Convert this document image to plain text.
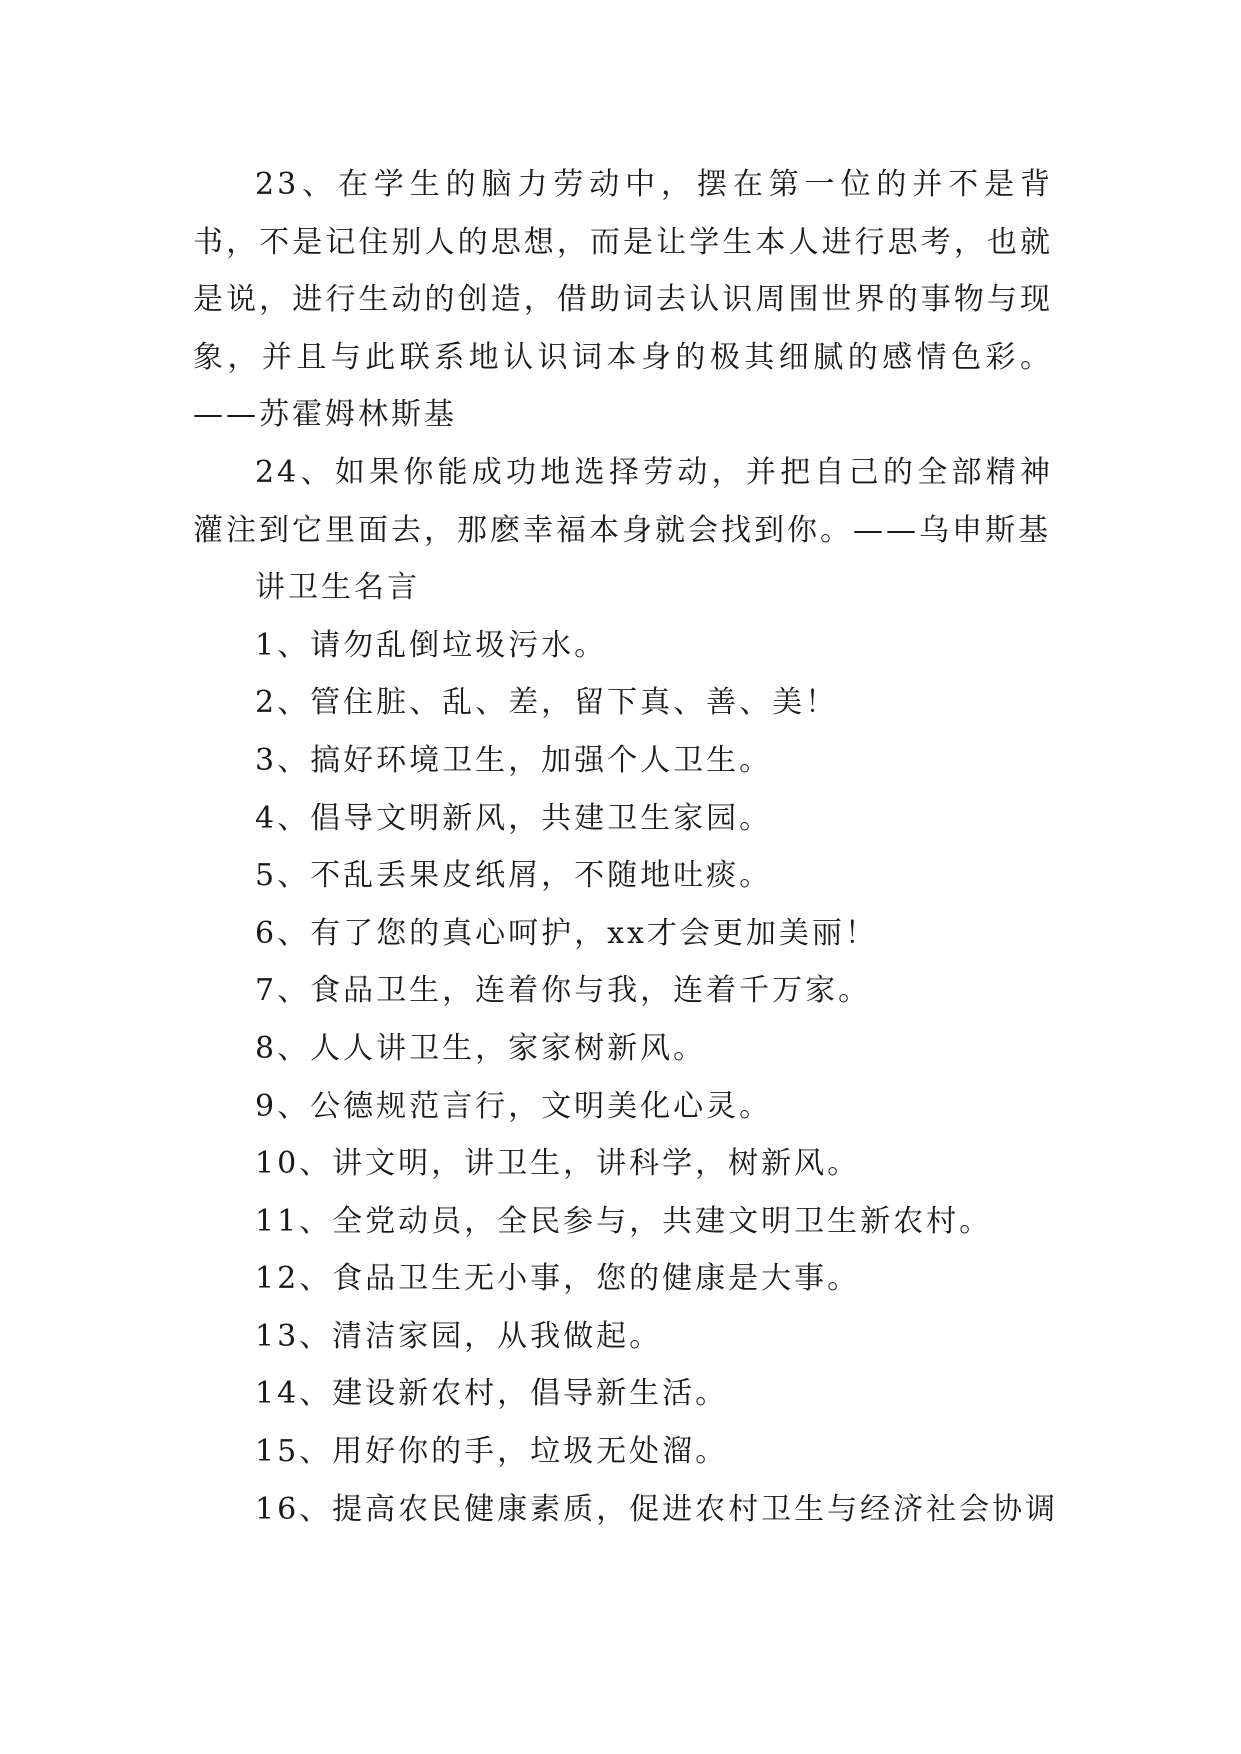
23、在学生的脑力劳动中，摆在第一位的并不是背书，不是记住别人的思想，而是让学生本人进行思考，也就是说，进行生动的创造，借助词去认识周围世界的事物与现象，并且与此联系地认识词本身的极其细腻的感情色彩。——苏霍姆林斯基

24、如果你能成功地选择劳动，并把自己的全部精神灌注到它里面去，那麽幸福本身就会找到你。——乌申斯基

讲卫生名言

1、请勿乱倒垃圾污水。

2、管住脏、乱、差，留下真、善、美！

3、搞好环境卫生，加强个人卫生。

4、倡导文明新风，共建卫生家园。

5、不乱丢果皮纸屑，不随地吐痰。

6、有了您的真心呵护，xx才会更加美丽！

7、食品卫生，连着你与我，连着千万家。

8、人人讲卫生，家家树新风。

9、公德规范言行，文明美化心灵。

10、讲文明，讲卫生，讲科学，树新风。

11、全党动员，全民参与，共建文明卫生新农村。

12、食品卫生无小事，您的健康是大事。

13、清洁家园，从我做起。

14、建设新农村，倡导新生活。

15、用好你的手，垃圾无处溜。

16、提高农民健康素质，促进农村卫生与经济社会协调
